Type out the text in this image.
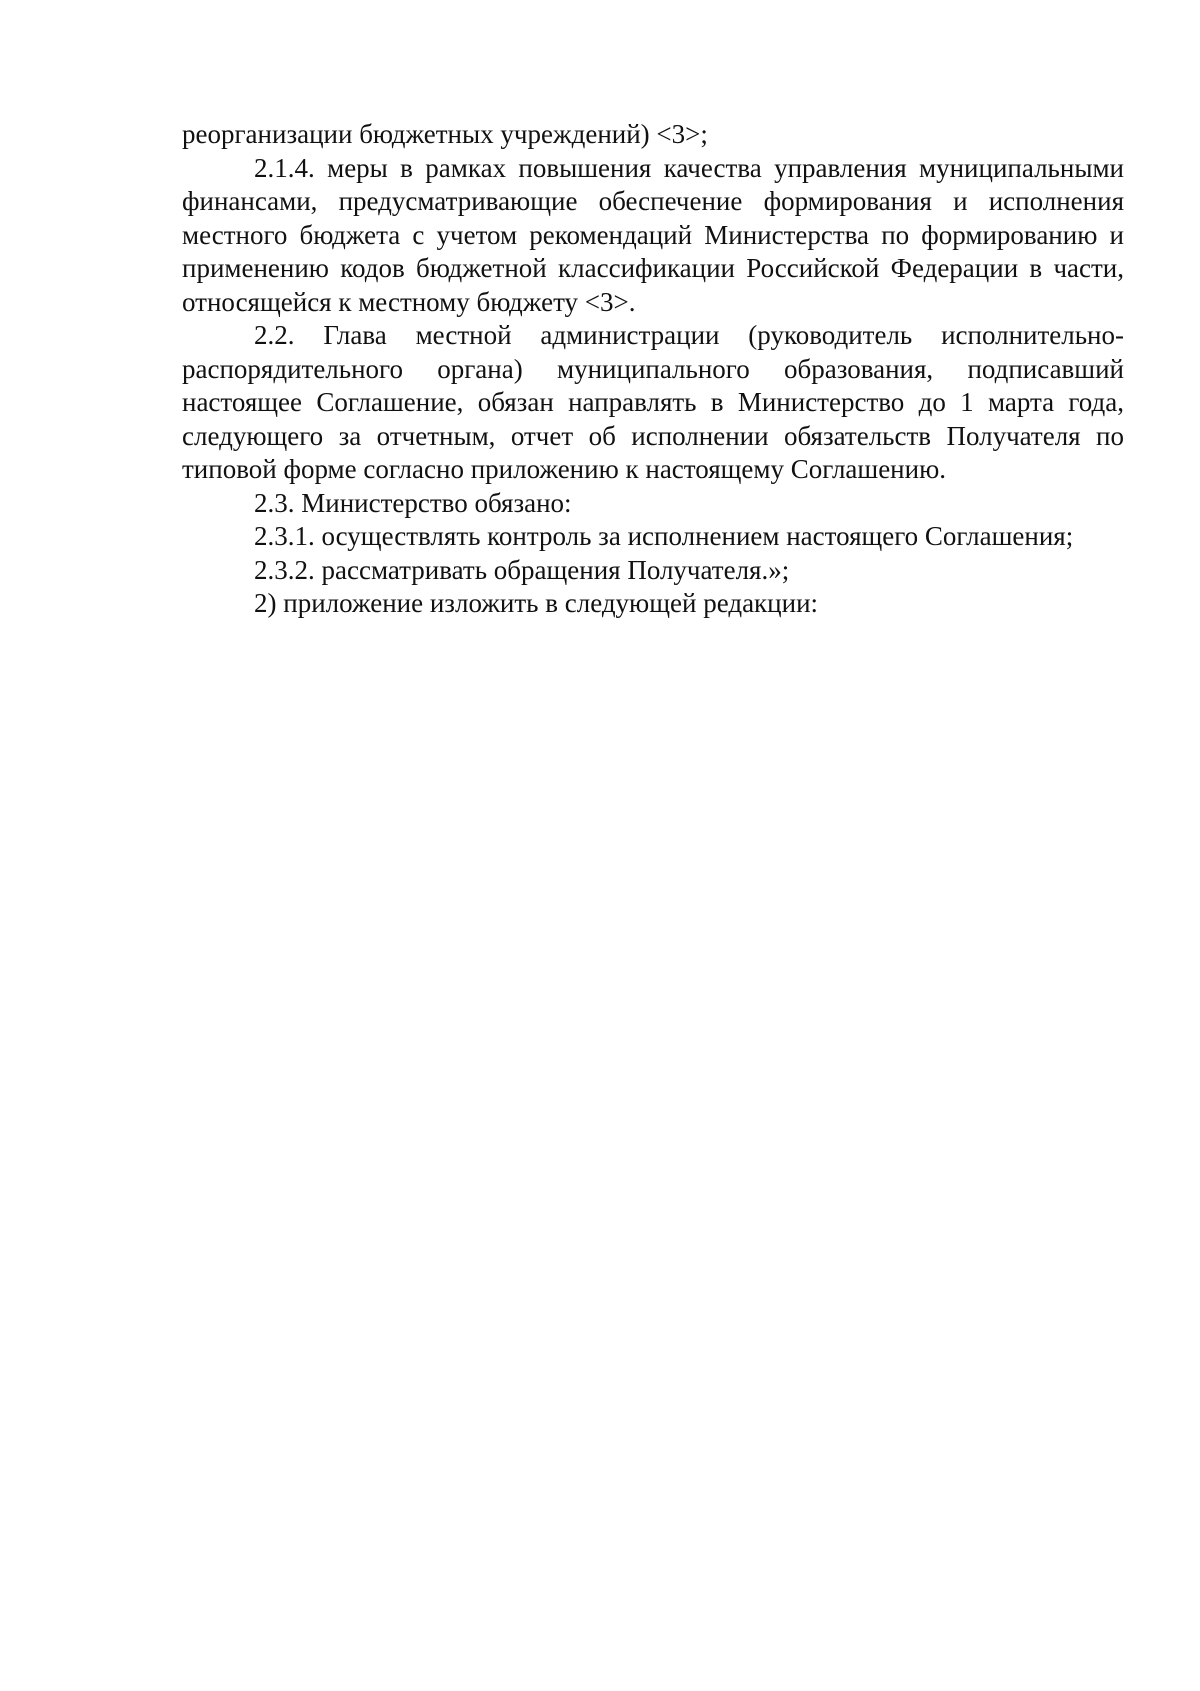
реорганизации бюджетных учреждений) <3>;

2.1.4. меры в рамках повышения качества управления муниципальными финансами, предусматривающие обеспечение формирования и исполнения местного бюджета с учетом рекомендаций Министерства по формированию и применению кодов бюджетной классификации Российской Федерации в части, относящейся к местному бюджету <3>.

2.2. Глава местной администрации (руководитель исполнительно-распорядительного органа) муниципального образования, подписавший настоящее Соглашение, обязан направлять в Министерство до 1 марта года, следующего за отчетным, отчет об исполнении обязательств Получателя по типовой форме согласно приложению к настоящему Соглашению.

2.3. Министерство обязано:

2.3.1. осуществлять контроль за исполнением настоящего Соглашения;

2.3.2. рассматривать обращения Получателя.»;

2) приложение изложить в следующей редакции:
